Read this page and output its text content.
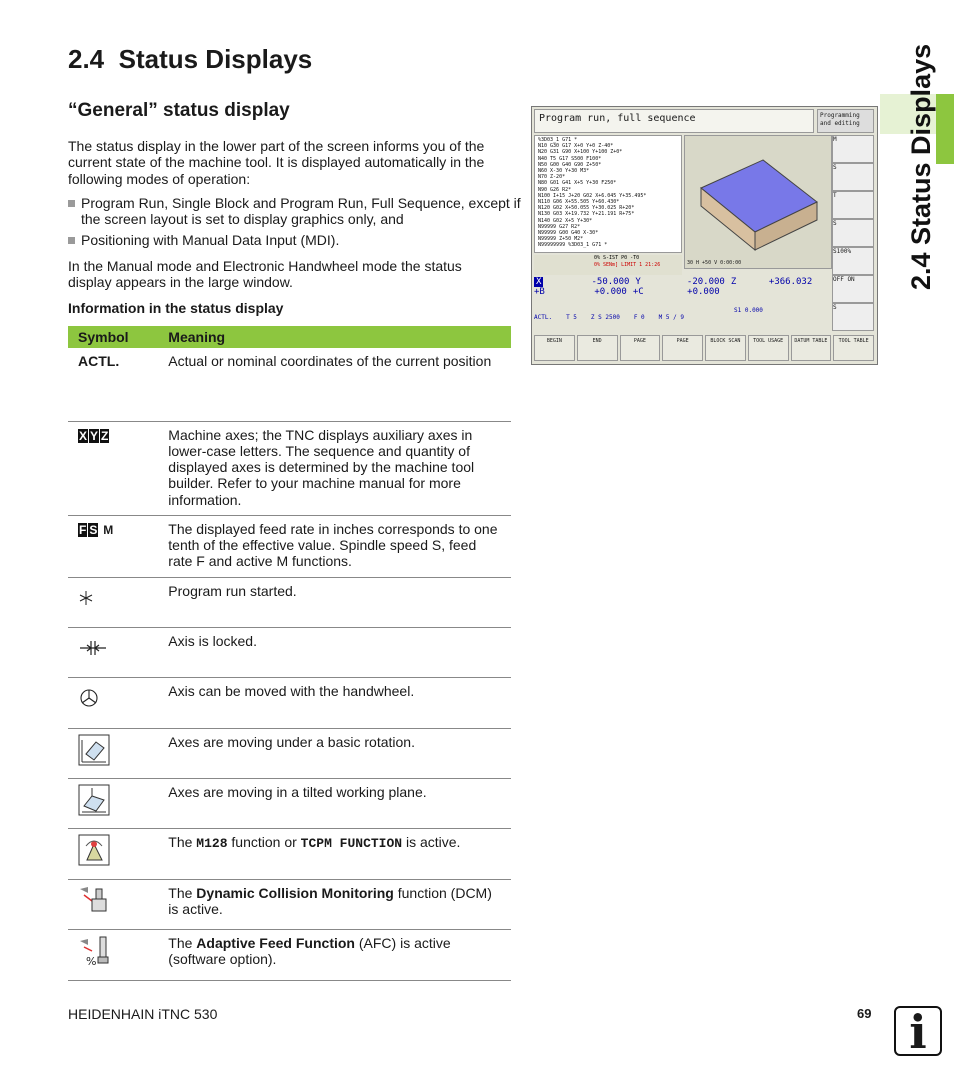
2.4 Status Displays
“General” status display
The status display in the lower part of the screen informs you of the current state of the machine tool. It is displayed automatically in the following modes of operation:
Program Run, Single Block and Program Run, Full Sequence, except if the screen layout is set to display graphics only, and
Positioning with Manual Data Input (MDI).
In the Manual mode and Electronic Handwheel mode the status display appears in the large window.
Information in the status display
Symbol	Meaning
ACTL.	Actual or nominal coordinates of the current position
X Y Z	Machine axes; the TNC displays auxiliary axes in lower-case letters. The sequence and quantity of displayed axes is determined by the machine tool builder. Refer to your machine manual for more information.
F S M	The displayed feed rate in inches corresponds to one tenth of the effective value. Spindle speed S, feed rate F and active M functions.
	Program run started.
	Axis is locked.
	Axis can be moved with the handwheel.
	Axes are moving under a basic rotation.
	Axes are moving in a tilted working plane.
	The M128 function or TCPM FUNCTION is active.
	The Dynamic Collision Monitoring function (DCM) is active.

%	The Adaptive Feed Function (AFC) is active (software option).
Program run, full sequence	Programming and editing
%3D03_1 G71 *
N10 G30 G17 X+0 Y+0 Z-40*
N20 G31 G90 X+100 Y+100 Z+0*
N40 T5 G17 S500 F100*
N50 G00 G40 G90 Z+50*
N60 X-30 Y+30 M3*
N70 Z-20*
N80 G01 G41 X+5 Y+30 F250*
N90 G26 R2*
N100 I+15 J+20 G02 X+6.045 Y+35.495*
N110 G06 X+55.505 Y+60.430*
N120 G02 X+50.055 Y+30.025 R+20*
N130 G03 X+19.732 Y+21.191 R+75*
N140 G02 X+5 Y+30*
N99999 G27 R2*
N99999 G00 G40 X-30*
N99999 Z+50 M2*
N99999999 %3D03_1 G71 *
30 H +50 V 0:00:00
0% S-IST P0 -T0
0% SENm] LIMIT 1 21:26
X	-50.000 Y	-20.000 Z	+366.032
+B	+0.000 +C	+0.000
S1 0.000
ACTL. T 5 Z S 2500 F 0 M 5 / 9
M
S
T
S
S100%
OFF ON
S
BEGIN	END	PAGE	PAGE	BLOCK SCAN	TOOL USAGE	DATUM TABLE	TOOL TABLE
2.4 Status Displays
HEIDENHAIN iTNC 530	69 i
